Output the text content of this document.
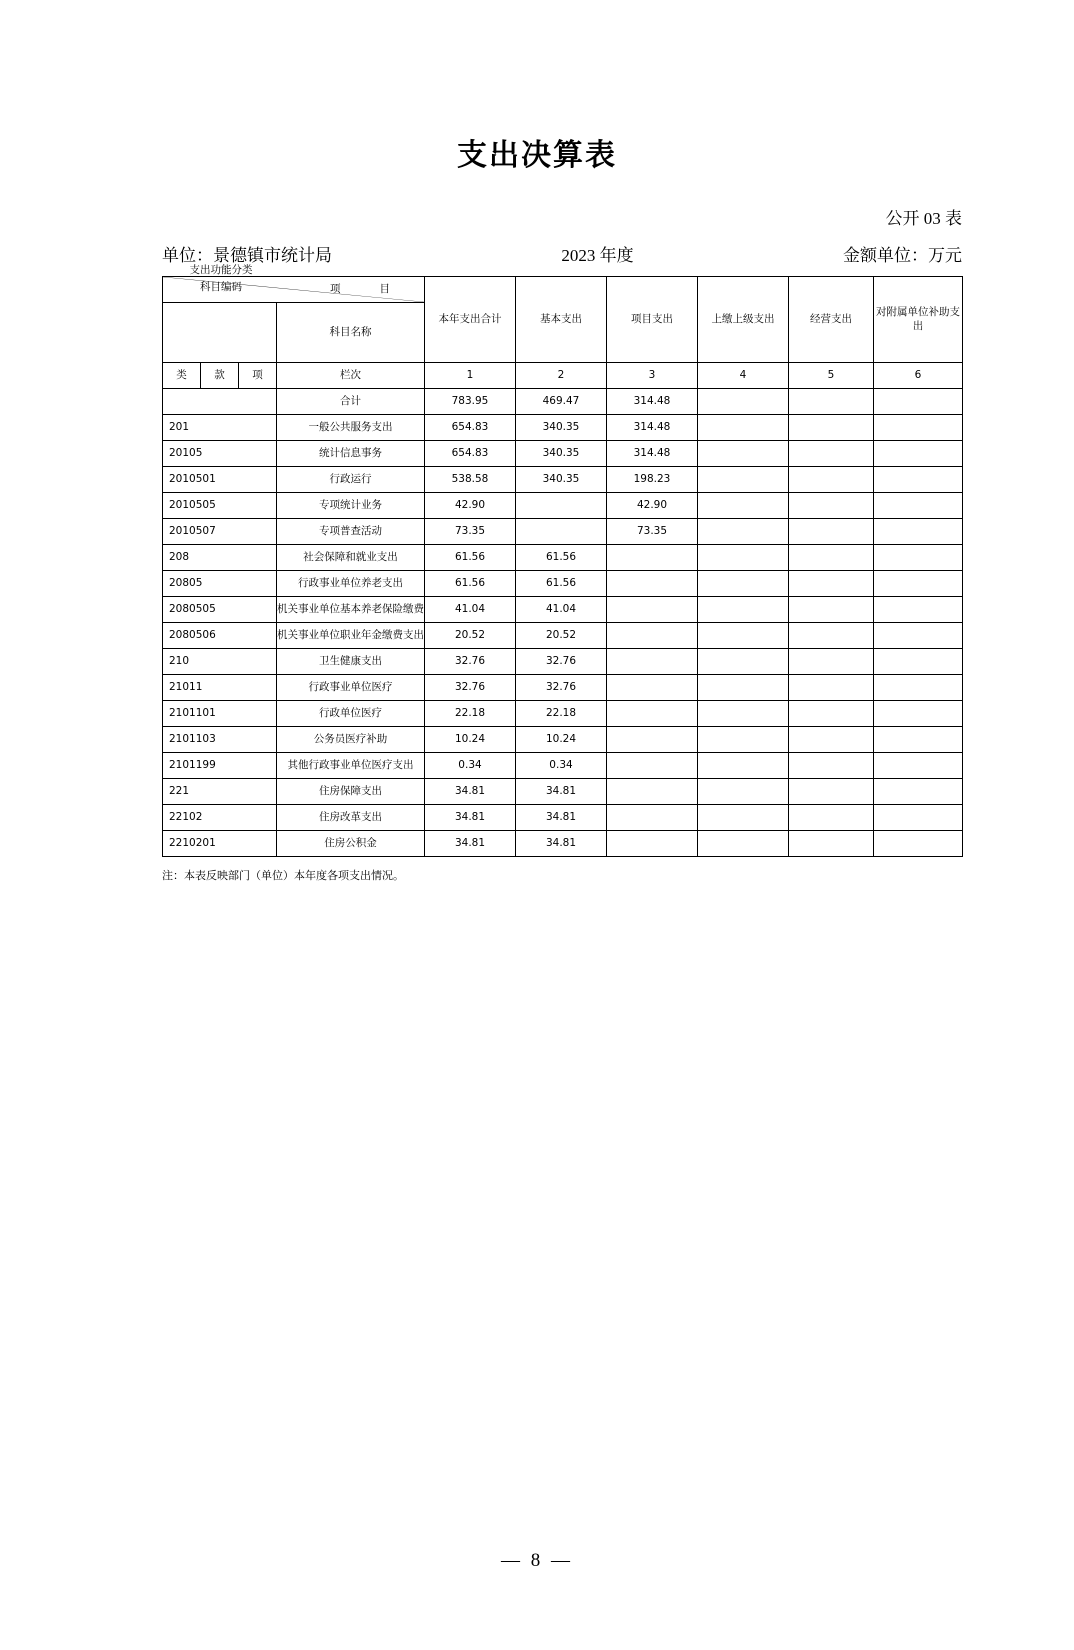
支出决算表
公开 03 表
单位：景德镇市统计局	2023 年度	金额单位：万元
项　　目
支出功能分类
科目编码				本年支出合计	基本支出	项目支出	上缴上级支出	经营支出	对附属单位补助支出
			科目名称						
类	款	项	栏次	1	2	3	4	5	6
			合计	783.95	469.47	314.48			
201			一般公共服务支出	654.83	340.35	314.48			
20105			统计信息事务	654.83	340.35	314.48			
2010501			行政运行	538.58	340.35	198.23			
2010505			专项统计业务	42.90		42.90			
2010507			专项普查活动	73.35		73.35			
208			社会保障和就业支出	61.56	61.56				
20805			行政事业单位养老支出	61.56	61.56				
2080505			机关事业单位基本养老保险缴费	41.04	41.04				
2080506			机关事业单位职业年金缴费支出	20.52	20.52				
210			卫生健康支出	32.76	32.76				
21011			行政事业单位医疗	32.76	32.76				
2101101			行政单位医疗	22.18	22.18				
2101103			公务员医疗补助	10.24	10.24				
2101199			其他行政事业单位医疗支出	0.34	0.34				
221			住房保障支出	34.81	34.81				
22102			住房改革支出	34.81	34.81				
2210201			住房公积金	34.81	34.81				
注：本表反映部门（单位）本年度各项支出情况。
— 8 —
